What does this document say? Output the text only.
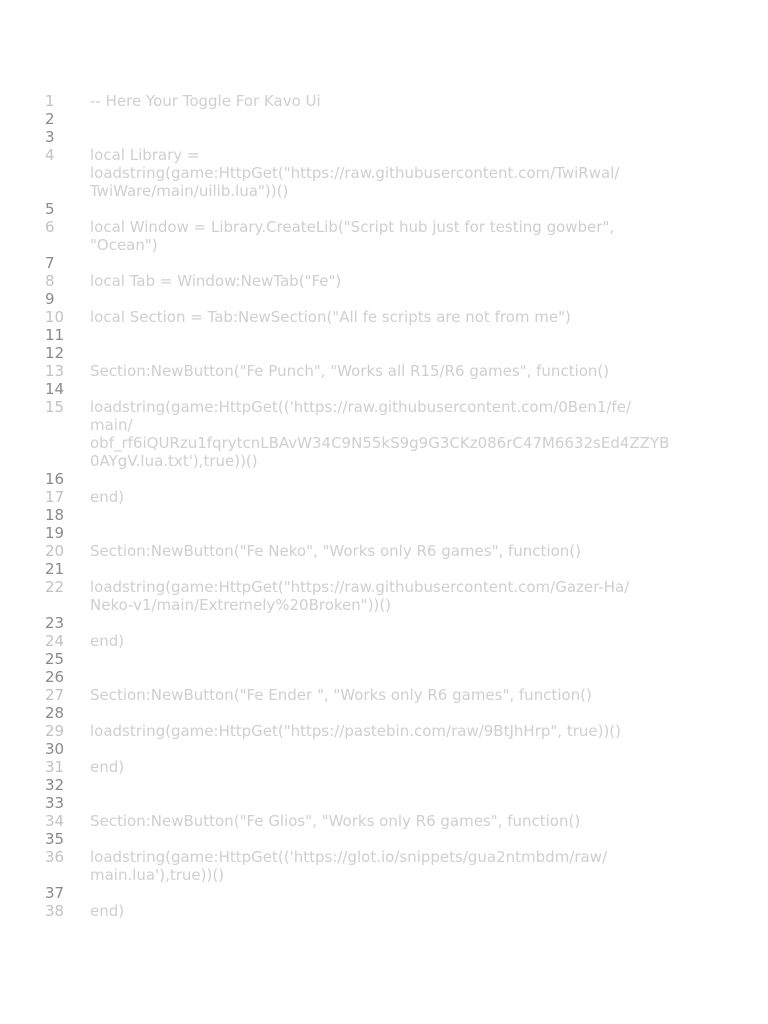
1 -- Here Your Toggle For Kavo Ui
2
3
4 local Library =
loadstring(game:HttpGet("https://raw.githubusercontent.com/TwiRwal/
TwiWare/main/uilib.lua"))()
5
6 local Window = Library.CreateLib("Script hub just for testing gowber",
"Ocean")
7
8 local Tab = Window:NewTab("Fe")
9
10 local Section = Tab:NewSection("All fe scripts are not from me")
11
12
13 Section:NewButton("Fe Punch", "Works all R15/R6 games", function()
14
15 loadstring(game:HttpGet(('https://raw.githubusercontent.com/0Ben1/fe/
main/
obf_rf6iQURzu1fqrytcnLBAvW34C9N55kS9g9G3CKz086rC47M6632sEd4ZZYB
0AYgV.lua.txt'),true))()
16
17 end)
18
19
20 Section:NewButton("Fe Neko", "Works only R6 games", function()
21
22 loadstring(game:HttpGet("https://raw.githubusercontent.com/Gazer-Ha/
Neko-v1/main/Extremely%20Broken"))()
23
24 end)
25
26
27 Section:NewButton("Fe Ender ", "Works only R6 games", function()
28
29 loadstring(game:HttpGet("https://pastebin.com/raw/9BtJhHrp", true))()
30
31 end)
32
33
34 Section:NewButton("Fe Glios", "Works only R6 games", function()
35
36 loadstring(game:HttpGet(('https://glot.io/snippets/gua2ntmbdm/raw/
main.lua'),true))()
37
38 end)
